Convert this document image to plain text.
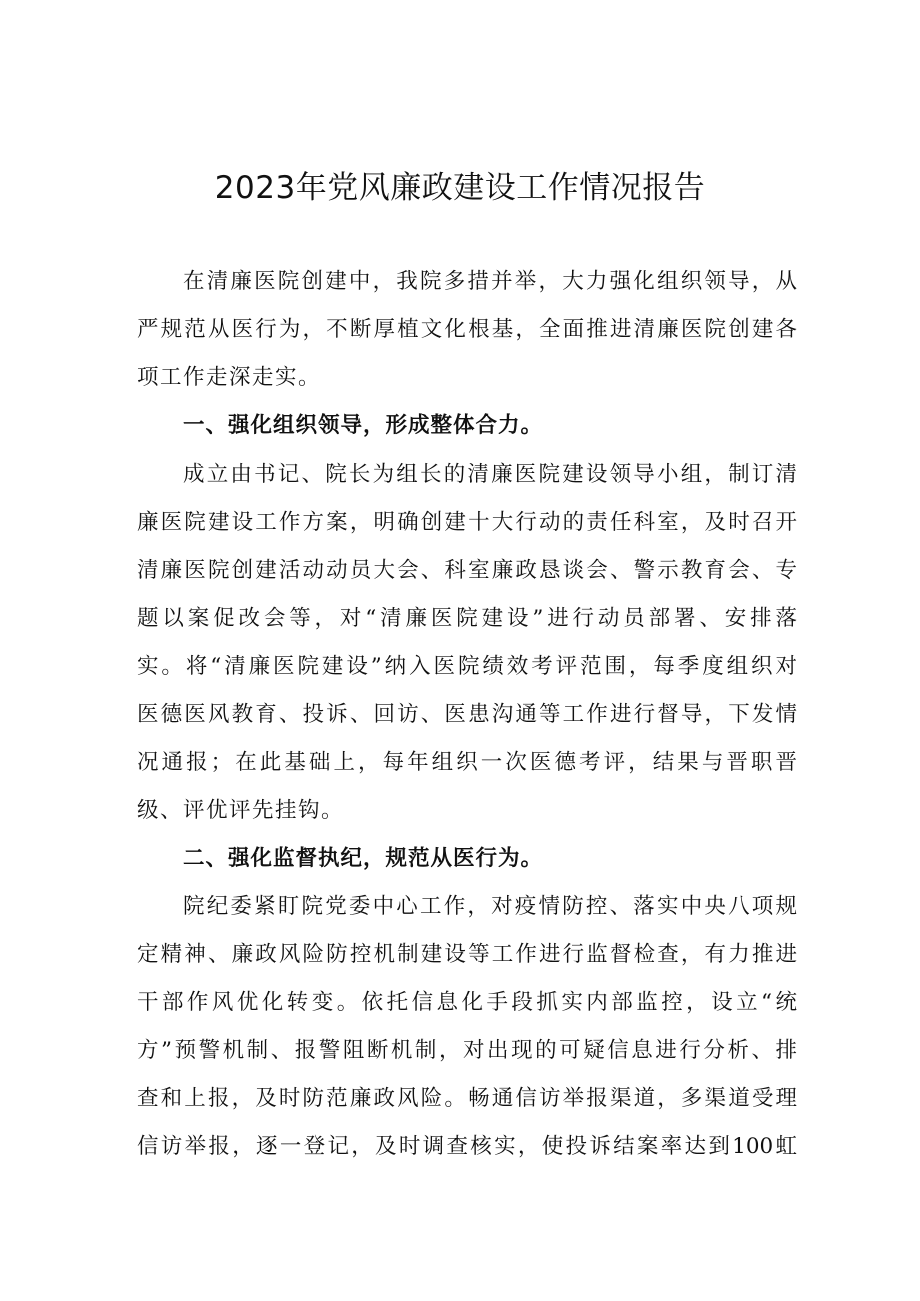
2023年党风廉政建设工作情况报告

在清廉医院创建中，我院多措并举，大力强化组织领导，从

严规范从医行为，不断厚植文化根基，全面推进清廉医院创建各

项工作走深走实。

一、强化组织领导，形成整体合力。

成立由书记、院长为组长的清廉医院建设领导小组，制订清

廉医院建设工作方案，明确创建十大行动的责任科室，及时召开

清廉医院创建活动动员大会、科室廉政恳谈会、警示教育会、专

题以案促改会等，对“清廉医院建设”进行动员部署、安排落

实。将“清廉医院建设”纳入医院绩效考评范围，每季度组织对

医德医风教育、投诉、回访、医患沟通等工作进行督导，下发情

况通报；在此基础上，每年组织一次医德考评，结果与晋职晋

级、评优评先挂钩。

二、强化监督执纪，规范从医行为。

院纪委紧盯院党委中心工作，对疫情防控、落实中央八项规

定精神、廉政风险防控机制建设等工作进行监督检查，有力推进

干部作风优化转变。依托信息化手段抓实内部监控，设立“统

方”预警机制、报警阻断机制，对出现的可疑信息进行分析、排

查和上报，及时防范廉政风险。畅通信访举报渠道，多渠道受理

信访举报，逐一登记，及时调查核实，使投诉结案率达到100虹
